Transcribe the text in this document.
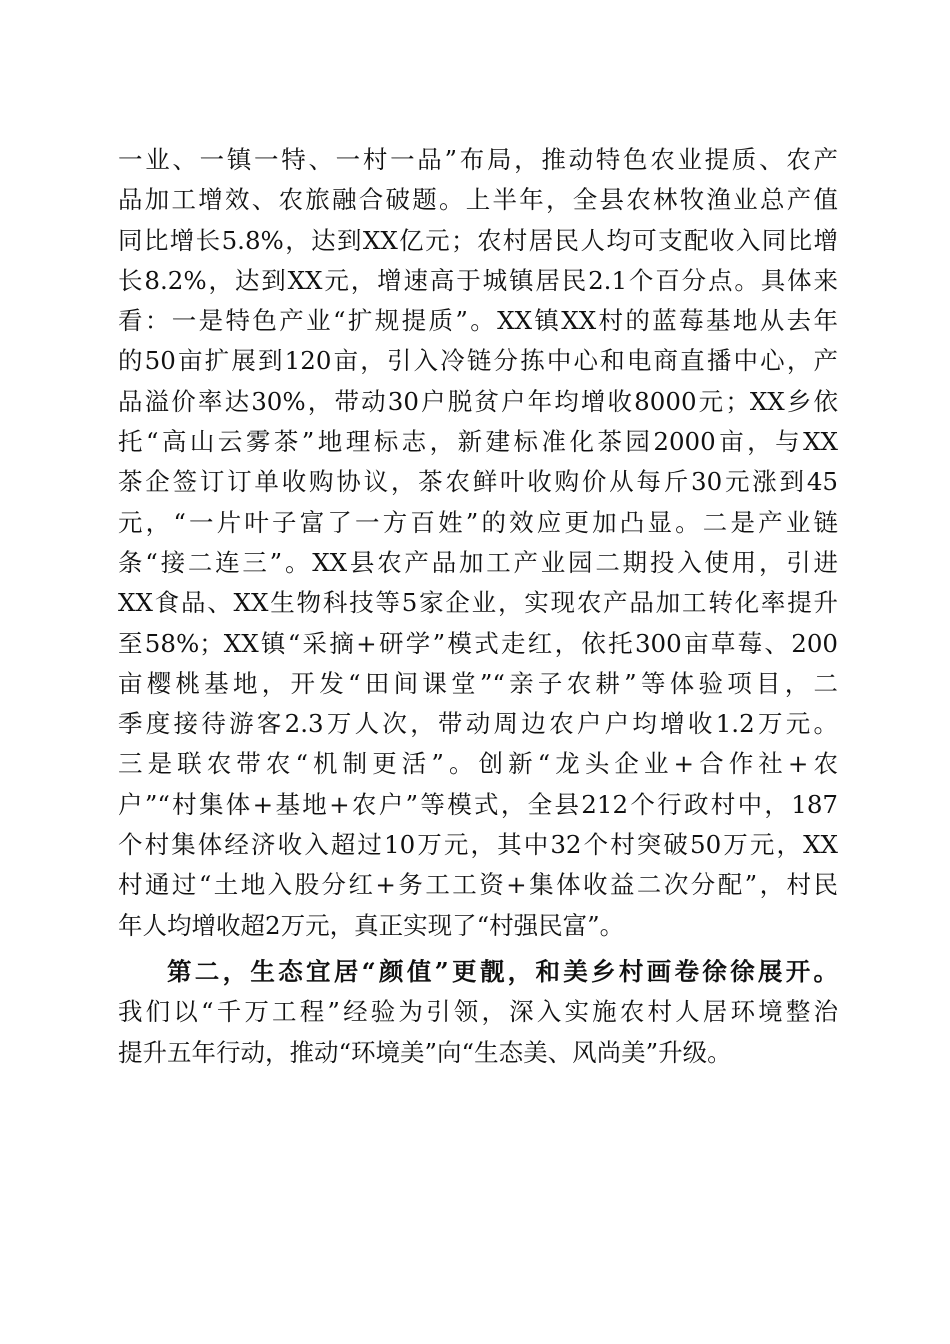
一业、一镇一特、一村一品”布局，推动特色农业提质、农产
品加工增效、农旅融合破题。上半年，全县农林牧渔业总产值
同比增长5.8%，达到XX亿元；农村居民人均可支配收入同比增
长8.2%，达到XX元，增速高于城镇居民2.1个百分点。具体来
看：一是特色产业“扩规提质”。XX镇XX村的蓝莓基地从去年
的50亩扩展到120亩，引入冷链分拣中心和电商直播中心，产
品溢价率达30%，带动30户脱贫户年均增收8000元；XX乡依
托“高山云雾茶”地理标志，新建标准化茶园2000亩，与XX
茶企签订订单收购协议，茶农鲜叶收购价从每斤30元涨到45
元，“一片叶子富了一方百姓”的效应更加凸显。二是产业链
条“接二连三”。XX县农产品加工产业园二期投入使用，引进
XX食品、XX生物科技等5家企业，实现农产品加工转化率提升
至58%；XX镇“采摘+研学”模式走红，依托300亩草莓、200
亩樱桃基地，开发“田间课堂”“亲子农耕”等体验项目，二
季度接待游客2.3万人次，带动周边农户户均增收1.2万元。
三是联农带农“机制更活”。创新“龙头企业+合作社+农
户”“村集体+基地+农户”等模式，全县212个行政村中，187
个村集体经济收入超过10万元，其中32个村突破50万元，XX
村通过“土地入股分红+务工工资+集体收益二次分配”，村民
年人均增收超2万元，真正实现了“村强民富”。
第二，生态宜居“颜值”更靓，和美乡村画卷徐徐展开。
我们以“千万工程”经验为引领，深入实施农村人居环境整治
提升五年行动，推动“环境美”向“生态美、风尚美”升级。
